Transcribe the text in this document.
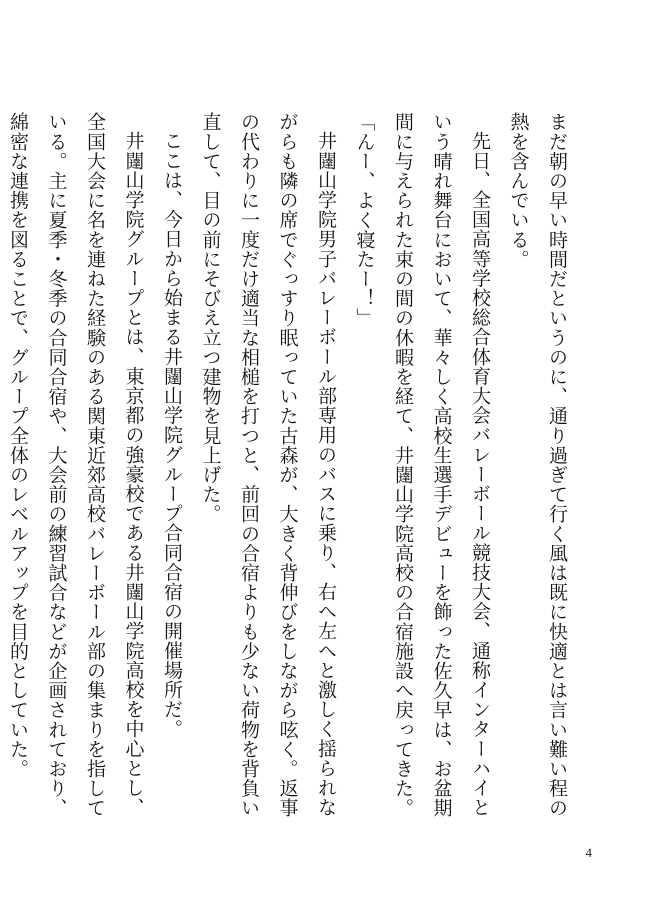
まだ朝の早い時間だというのに、通り過ぎて行く風は既に快適とは言い難い程の熱を含んでいる。

先日、全国高等学校総合体育大会バレーボール競技大会、通称インターハイという晴れ舞台において、華々しく高校生選手デビューを飾った佐久早は、お盆期間に与えられた束の間の休暇を経て、井闥山学院高校の合宿施設へ戻ってきた。

「んー、よく寝たー！」

井闥山学院男子バレーボール部専用のバスに乗り、右へ左へと激しく揺られながらも隣の席でぐっすり眠っていた古森が、大きく背伸びをしながら呟く。返事の代わりに一度だけ適当な相槌を打つと、前回の合宿よりも少ない荷物を背負い直して、目の前にそびえ立つ建物を見上げた。

ここは、今日から始まる井闥山学院グループ合同合宿の開催場所だ。

井闥山学院グループとは、東京都の強豪校である井闥山学院高校を中心とし、全国大会に名を連ねた経験のある関東近郊高校バレーボール部の集まりを指している。主に夏季・冬季の合同合宿や、大会前の練習試合などが企画されており、綿密な連携を図ることで、グループ全体のレベルアップを目的としていた。

4
